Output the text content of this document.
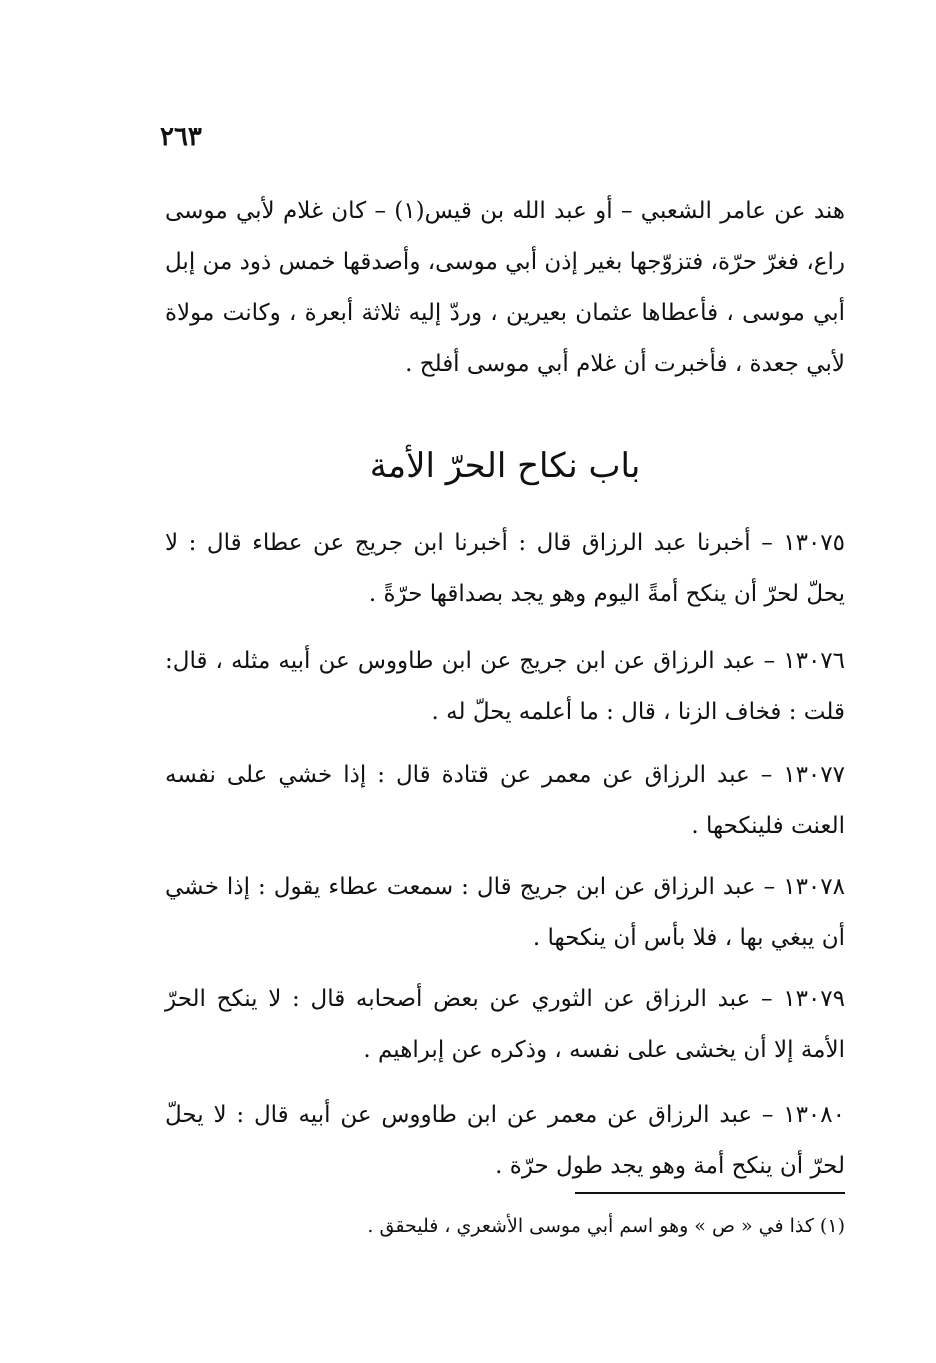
٢٦٣
هند عن عامر الشعبي – أو عبد الله بن قيس(١) – كان غلام لأبي موسى راع، فغرّ حرّة، فتزوّجها بغير إذن أبي موسى، وأصدقها خمس ذود من إبل أبي موسى ، فأعطاها عثمان بعيرين ، وردّ إليه ثلاثة أبعرة ، وكانت مولاة لأبي جعدة ، فأخبرت أن غلام أبي موسى أفلح .
باب نكاح الحرّ الأمة
١٣٠٧٥ – أخبرنا عبد الرزاق قال : أخبرنا ابن جريج عن عطاء قال : لا يحلّ لحرّ أن ينكح أمةً اليوم وهو يجد بصداقها حرّةً .
١٣٠٧٦ – عبد الرزاق عن ابن جريج عن ابن طاووس عن أبيه مثله ، قال: قلت : فخاف الزنا ، قال : ما أعلمه يحلّ له .
١٣٠٧٧ – عبد الرزاق عن معمر عن قتادة قال : إذا خشي على نفسه العنت فلينكحها .
١٣٠٧٨ – عبد الرزاق عن ابن جريج قال : سمعت عطاء يقول : إذا خشي أن يبغي بها ، فلا بأس أن ينكحها .
١٣٠٧٩ – عبد الرزاق عن الثوري عن بعض أصحابه قال : لا ينكح الحرّ الأمة إلا أن يخشى على نفسه ، وذكره عن إبراهيم .
١٣٠٨٠ – عبد الرزاق عن معمر عن ابن طاووس عن أبيه قال : لا يحلّ لحرّ أن ينكح أمة وهو يجد طول حرّة .
(١) كذا في « ص » وهو اسم أبي موسى الأشعري ، فليحقق .
